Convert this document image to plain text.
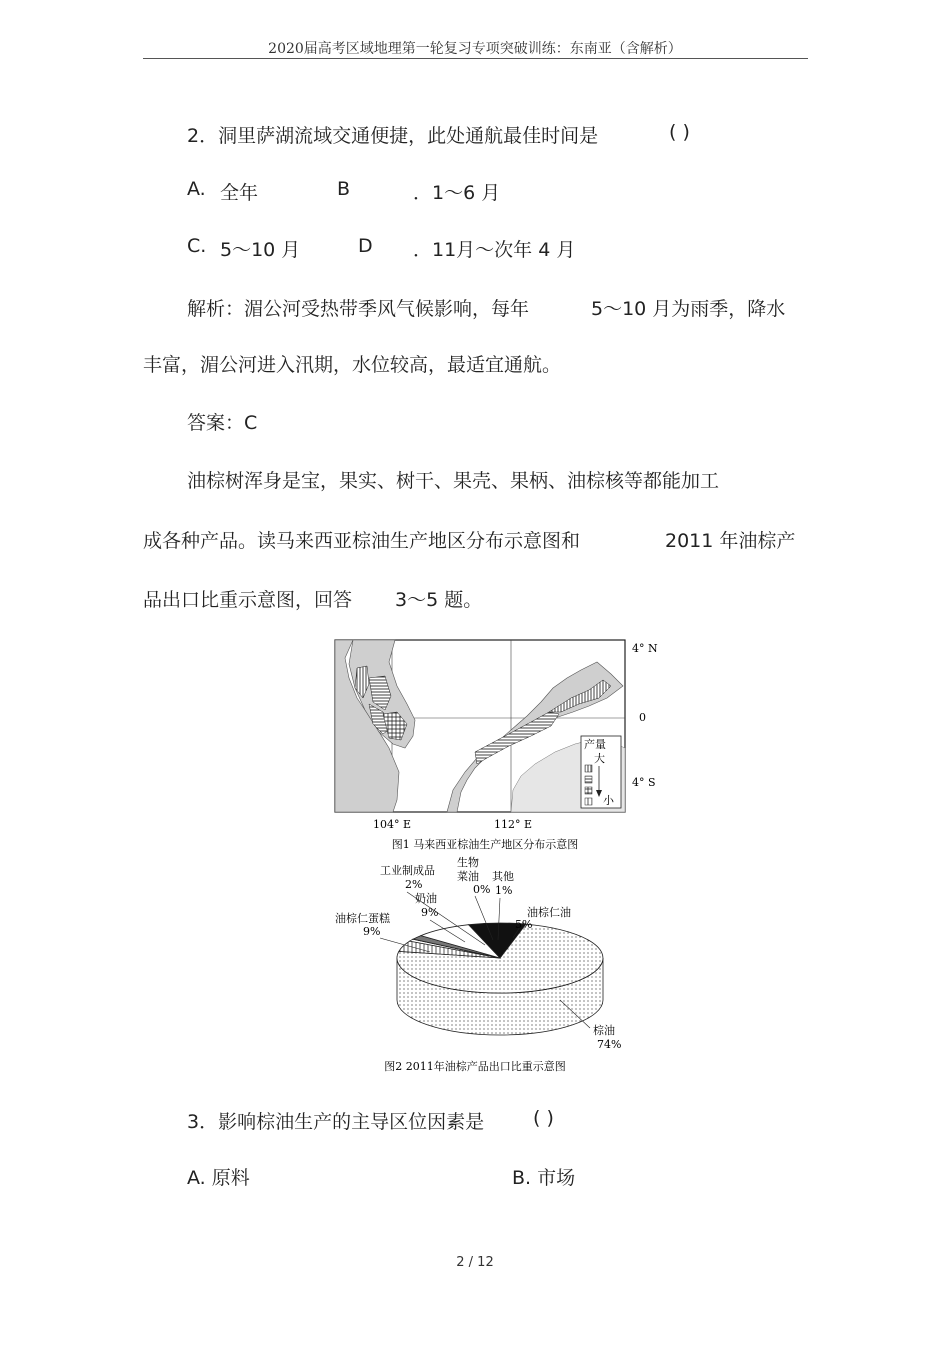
2020届高考区域地理第一轮复习专项突破训练：东南亚（含解析）
2．洞里萨湖流域交通便捷，此处通航最佳时间是	( )
A. 全年	B	．1～6 月
C. 5～10 月	D ．11月～次年 4 月
解析：湄公河受热带季风气候影响，每年	5～10 月为雨季，降水
丰富，湄公河进入汛期，水位较高，最适宜通航。
答案：C
油棕树浑身是宝，果实、树干、果壳、果柄、油棕核等都能加工
成各种产品。读马来西亚棕油生产地区分布示意图和	2011 年油棕产
品出口比重示意图，回答 3～5 题。
产量
大
小
4° N
0
4° S
104° E	112° E
图1 马来西亚棕油生产地区分布示意图
工业制成品
2%
生物
菜油
0%
其他
1%
奶油
9%
油棕仁蛋糕
9%
油棕仁油
5%
棕油
74%
图2 2011年油棕产品出口比重示意图
3．影响棕油生产的主导区位因素是	( )
A. 原料	B. 市场
2 / 12
